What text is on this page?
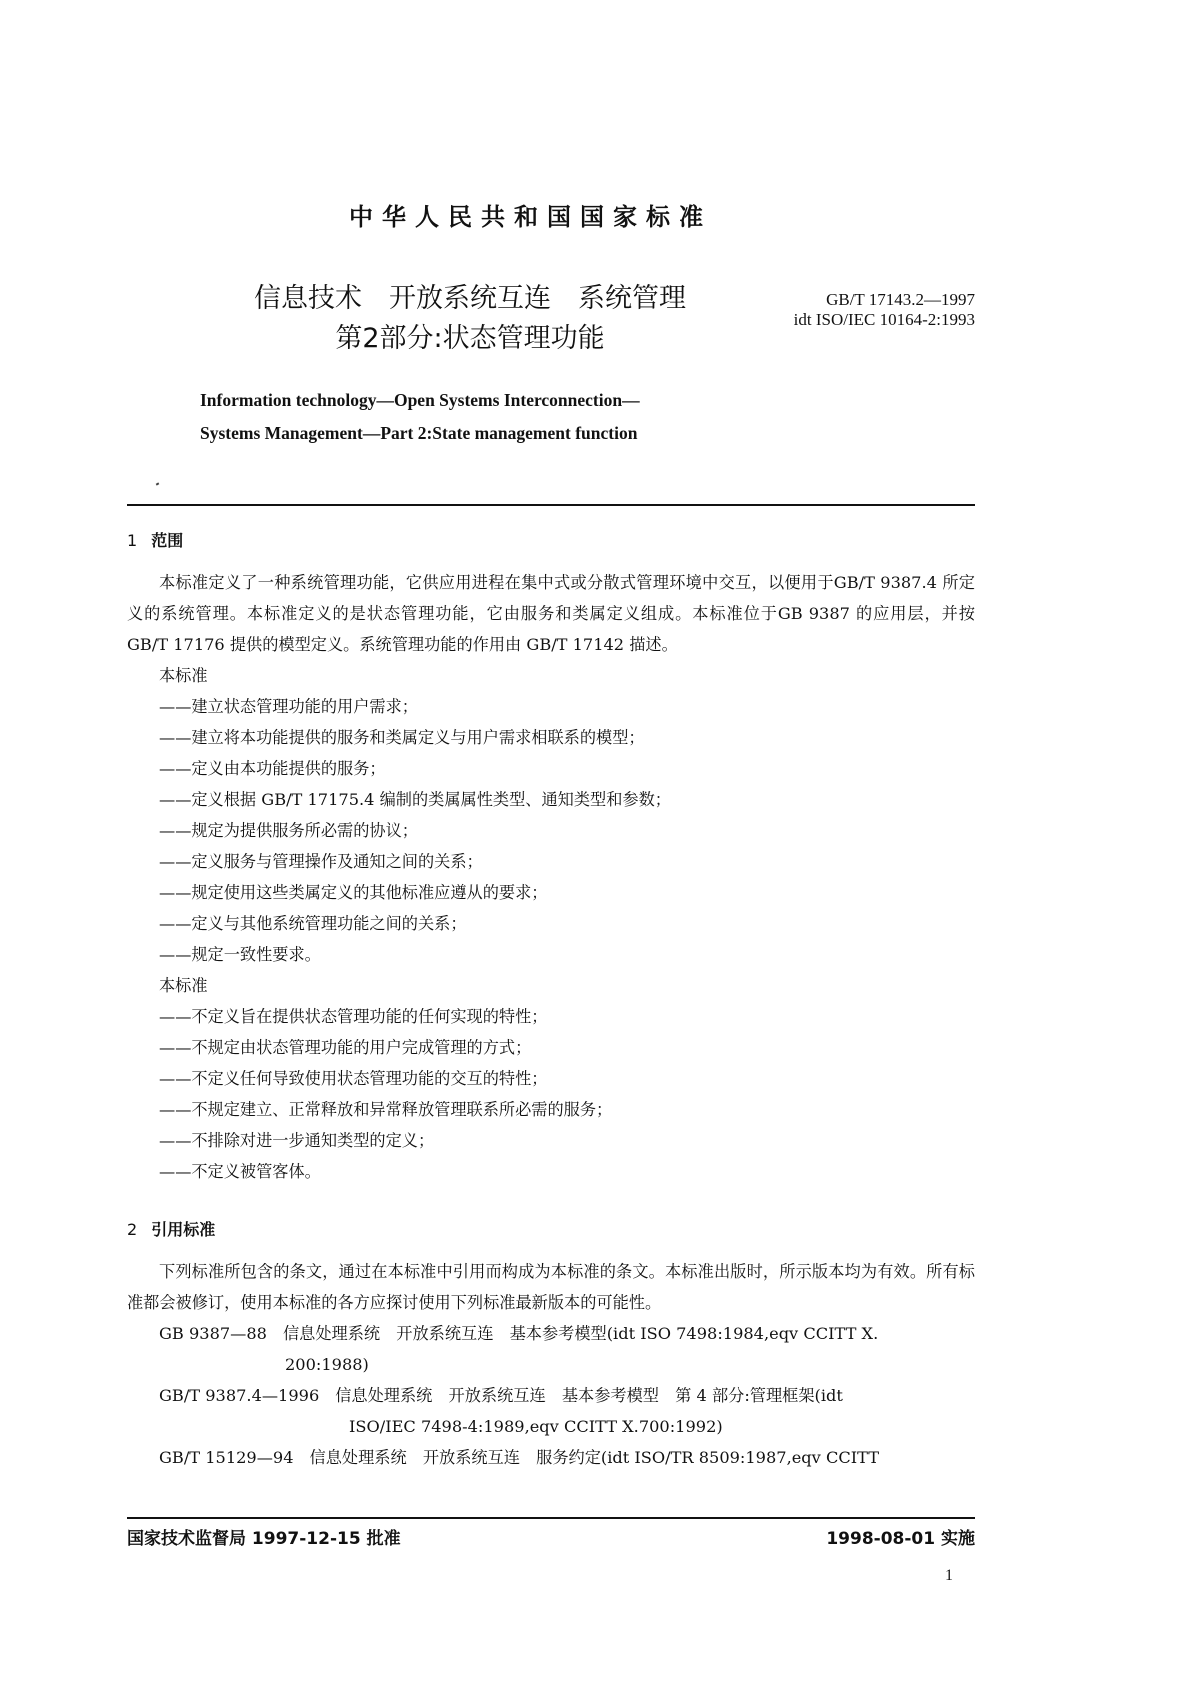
中华人民共和国国家标准
信息技术　开放系统互连　系统管理
第2部分:状态管理功能
GB/T 17143.2—1997
idt ISO/IEC 10164-2:1993
Information technology—Open Systems Interconnection—
Systems Management—Part 2:State management function
1 范围
本标准定义了一种系统管理功能，它供应用进程在集中式或分散式管理环境中交互，以便用于GB/T 9387.4 所定义的系统管理。本标准定义的是状态管理功能，它由服务和类属定义组成。本标准位于GB 9387 的应用层，并按 GB/T 17176 提供的模型定义。系统管理功能的作用由 GB/T 17142 描述。
本标准
——建立状态管理功能的用户需求；
——建立将本功能提供的服务和类属定义与用户需求相联系的模型；
——定义由本功能提供的服务；
——定义根据 GB/T 17175.4 编制的类属属性类型、通知类型和参数；
——规定为提供服务所必需的协议；
——定义服务与管理操作及通知之间的关系；
——规定使用这些类属定义的其他标准应遵从的要求；
——定义与其他系统管理功能之间的关系；
——规定一致性要求。
本标准
——不定义旨在提供状态管理功能的任何实现的特性；
——不规定由状态管理功能的用户完成管理的方式；
——不定义任何导致使用状态管理功能的交互的特性；
——不规定建立、正常释放和异常释放管理联系所必需的服务；
——不排除对进一步通知类型的定义；
——不定义被管客体。
2 引用标准
下列标准所包含的条文，通过在本标准中引用而构成为本标准的条文。本标准出版时，所示版本均为有效。所有标准都会被修订，使用本标准的各方应探讨使用下列标准最新版本的可能性。
GB 9387—88 信息处理系统　开放系统互连　基本参考模型(idt ISO 7498:1984,eqv CCITT X.
200:1988)
GB/T 9387.4—1996 信息处理系统　开放系统互连　基本参考模型　第 4 部分:管理框架(idt
ISO/IEC 7498-4:1989,eqv CCITT X.700:1992)
GB/T 15129—94 信息处理系统　开放系统互连　服务约定(idt ISO/TR 8509:1987,eqv CCITT
国家技术监督局 1997-12-15 批准	1998-08-01 实施
1
